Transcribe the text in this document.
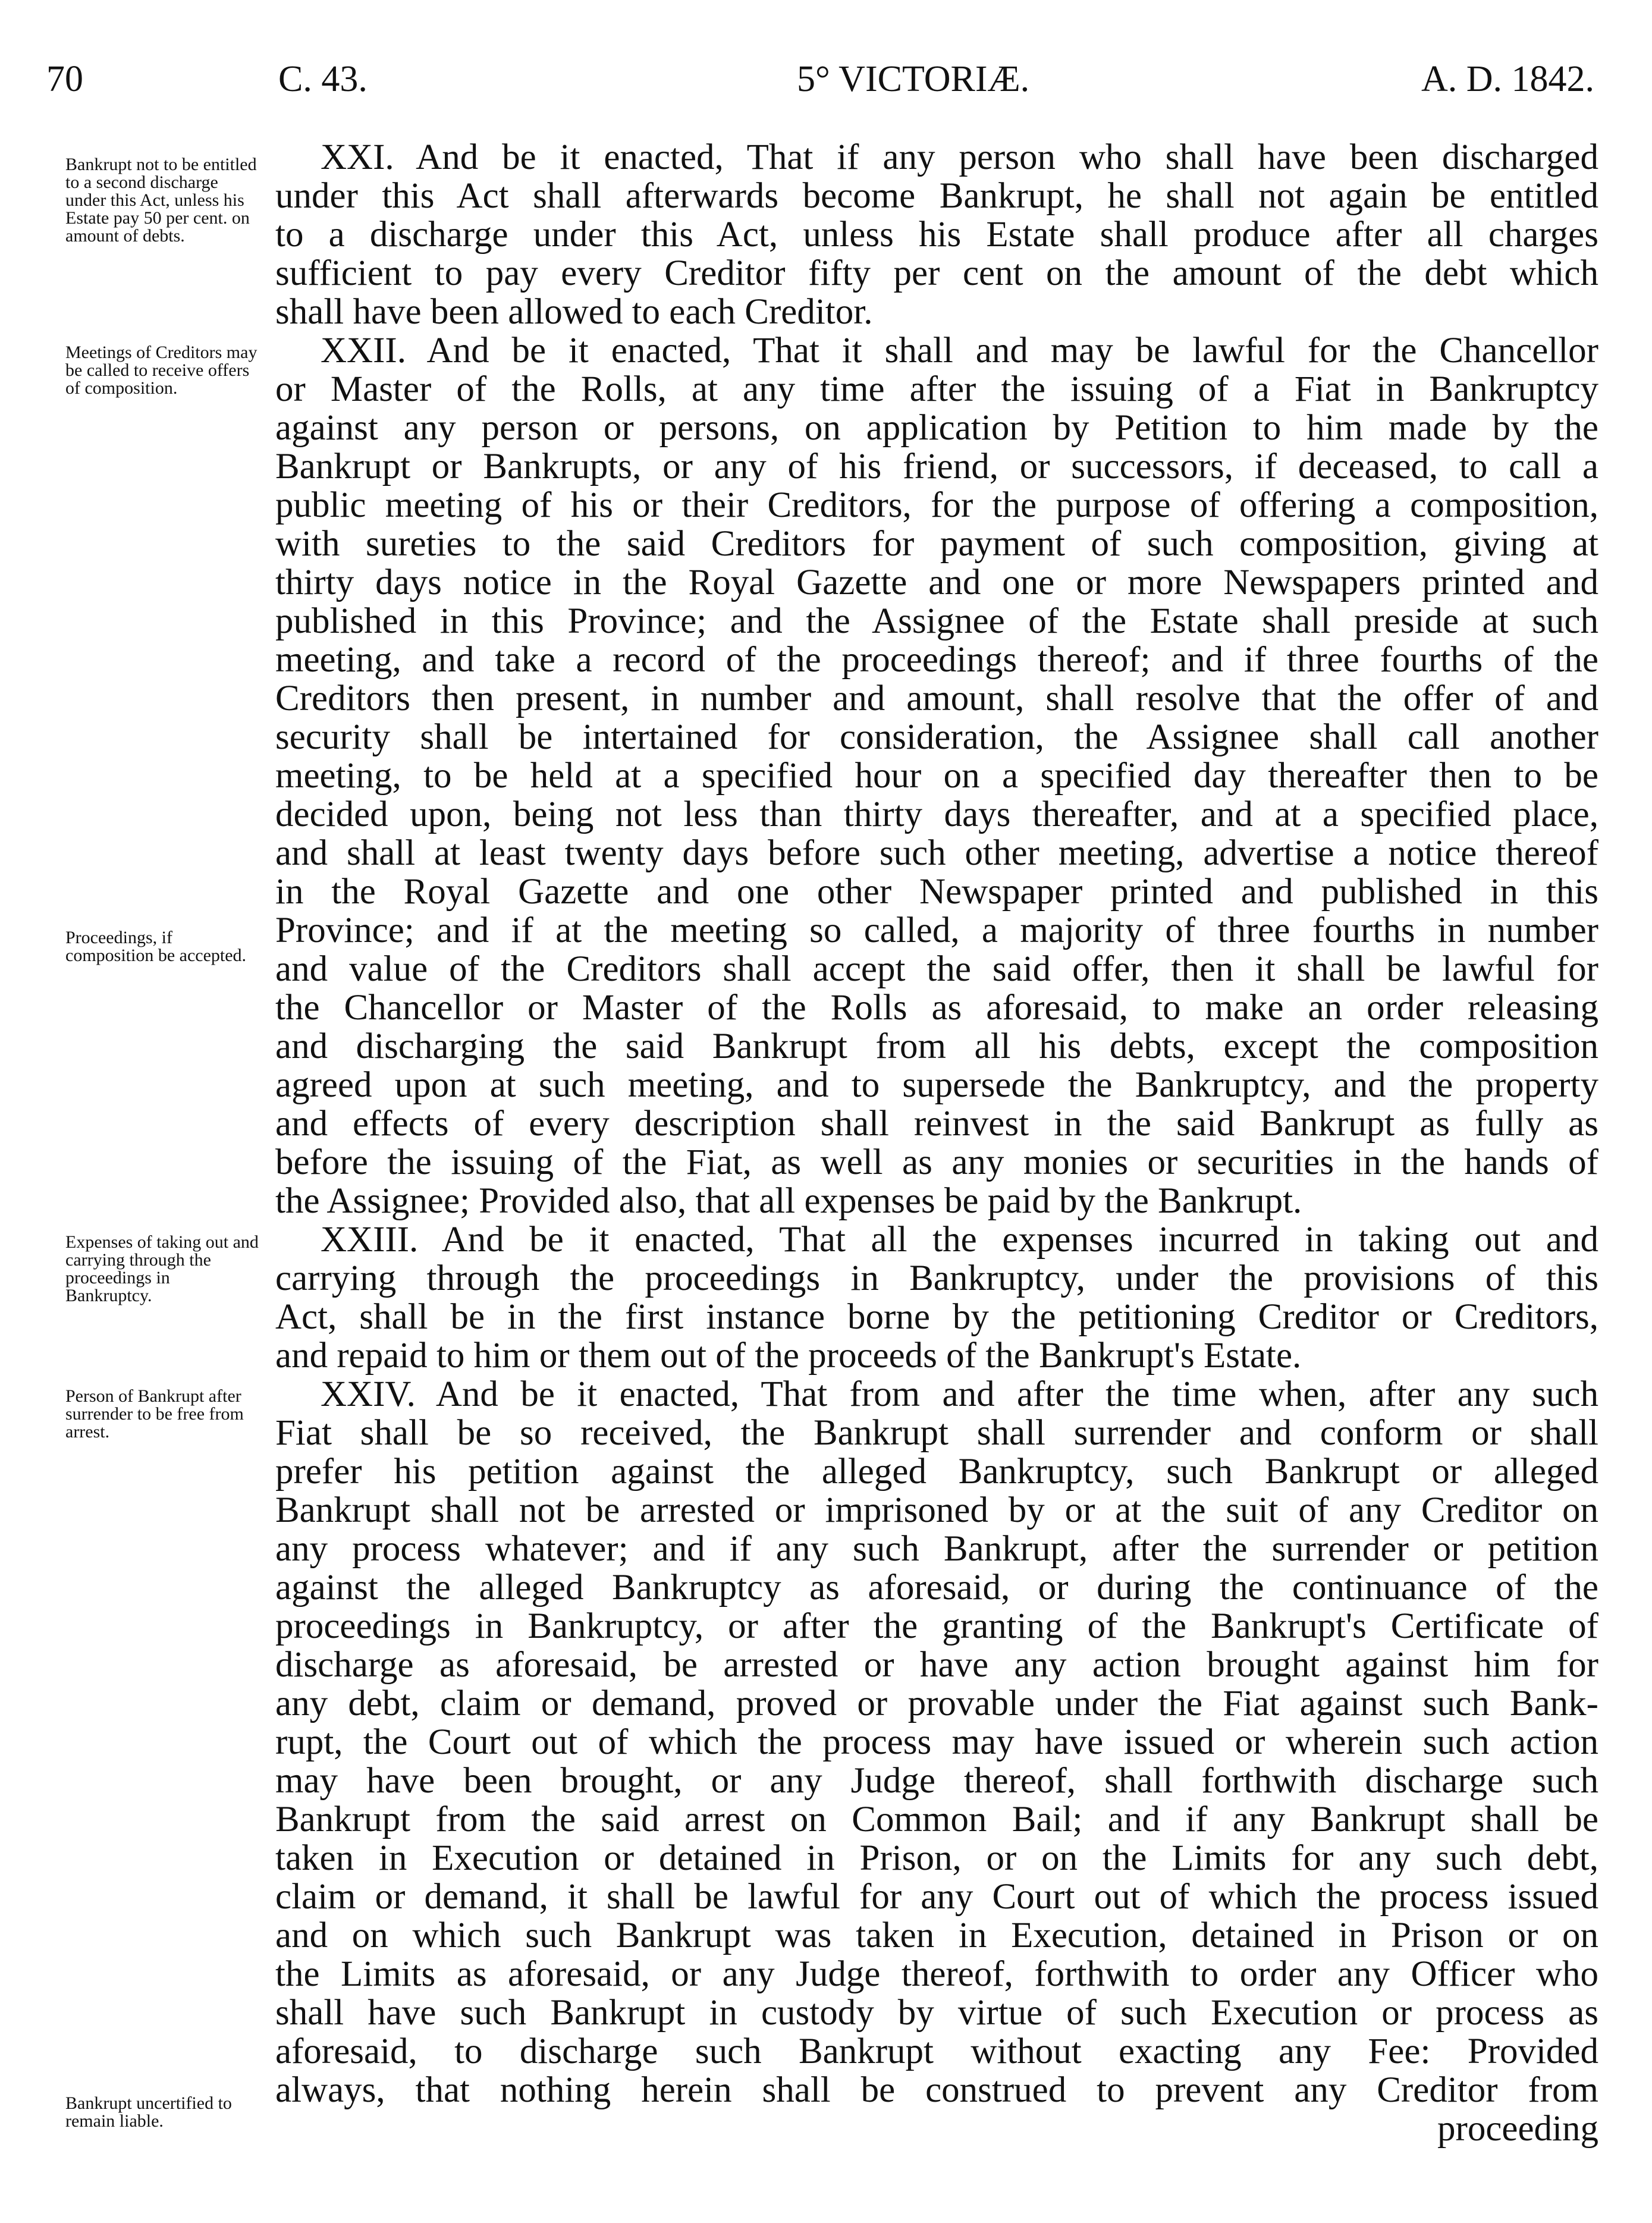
70	C. 43.	5° VICTORIÆ.	A. D. 1842.
Bankrupt not to be entitled to a second discharge under this Act, unless his Estate pay 50 per cent. on amount of debts.
Meetings of Creditors may be called to receive offers of composition.
Proceedings, if composition be accepted.
Expenses of taking out and carrying through the proceedings in Bankruptcy.
Person of Bankrupt after surrender to be free from arrest.
Bankrupt uncertified to remain liable.
XXI. And be it enacted, That if any person who shall have been discharged
under this Act shall afterwards become Bankrupt, he shall not again be entitled
to a discharge under this Act, unless his Estate shall produce after all charges
sufficient to pay every Creditor fifty per cent on the amount of the debt which
shall have been allowed to each Creditor.
XXII. And be it enacted, That it shall and may be lawful for the Chancellor
or Master of the Rolls, at any time after the issuing of a Fiat in Bankruptcy
against any person or persons, on application by Petition to him made by the
Bankrupt or Bankrupts, or any of his friend, or successors, if deceased, to call a
public meeting of his or their Creditors, for the purpose of offering a composition,
with sureties to the said Creditors for payment of such composition, giving at
thirty days notice in the Royal Gazette and one or more Newspapers printed and
published in this Province; and the Assignee of the Estate shall preside at such
meeting, and take a record of the proceedings thereof; and if three fourths of the
Creditors then present, in number and amount, shall resolve that the offer of and
security shall be intertained for consideration, the Assignee shall call another
meeting, to be held at a specified hour on a specified day thereafter then to be
decided upon, being not less than thirty days thereafter, and at a specified place,
and shall at least twenty days before such other meeting, advertise a notice thereof
in the Royal Gazette and one other Newspaper printed and published in this
Province; and if at the meeting so called, a majority of three fourths in number
and value of the Creditors shall accept the said offer, then it shall be lawful for
the Chancellor or Master of the Rolls as aforesaid, to make an order releasing
and discharging the said Bankrupt from all his debts, except the composition
agreed upon at such meeting, and to supersede the Bankruptcy, and the property
and effects of every description shall reinvest in the said Bankrupt as fully as
before the issuing of the Fiat, as well as any monies or securities in the hands of
the Assignee; Provided also, that all expenses be paid by the Bankrupt.
XXIII. And be it enacted, That all the expenses incurred in taking out and
carrying through the proceedings in Bankruptcy, under the provisions of this
Act, shall be in the first instance borne by the petitioning Creditor or Creditors,
and repaid to him or them out of the proceeds of the Bankrupt's Estate.
XXIV. And be it enacted, That from and after the time when, after any such
Fiat shall be so received, the Bankrupt shall surrender and conform or shall
prefer his petition against the alleged Bankruptcy, such Bankrupt or alleged
Bankrupt shall not be arrested or imprisoned by or at the suit of any Creditor on
any process whatever; and if any such Bankrupt, after the surrender or petition
against the alleged Bankruptcy as aforesaid, or during the continuance of the
proceedings in Bankruptcy, or after the granting of the Bankrupt's Certificate of
discharge as aforesaid, be arrested or have any action brought against him for
any debt, claim or demand, proved or provable under the Fiat against such Bank-
rupt, the Court out of which the process may have issued or wherein such action
may have been brought, or any Judge thereof, shall forthwith discharge such
Bankrupt from the said arrest on Common Bail; and if any Bankrupt shall be
taken in Execution or detained in Prison, or on the Limits for any such debt,
claim or demand, it shall be lawful for any Court out of which the process issued
and on which such Bankrupt was taken in Execution, detained in Prison or on
the Limits as aforesaid, or any Judge thereof, forthwith to order any Officer who
shall have such Bankrupt in custody by virtue of such Execution or process as
aforesaid, to discharge such Bankrupt without exacting any Fee: Provided
always, that nothing herein shall be construed to prevent any Creditor from
proceeding
